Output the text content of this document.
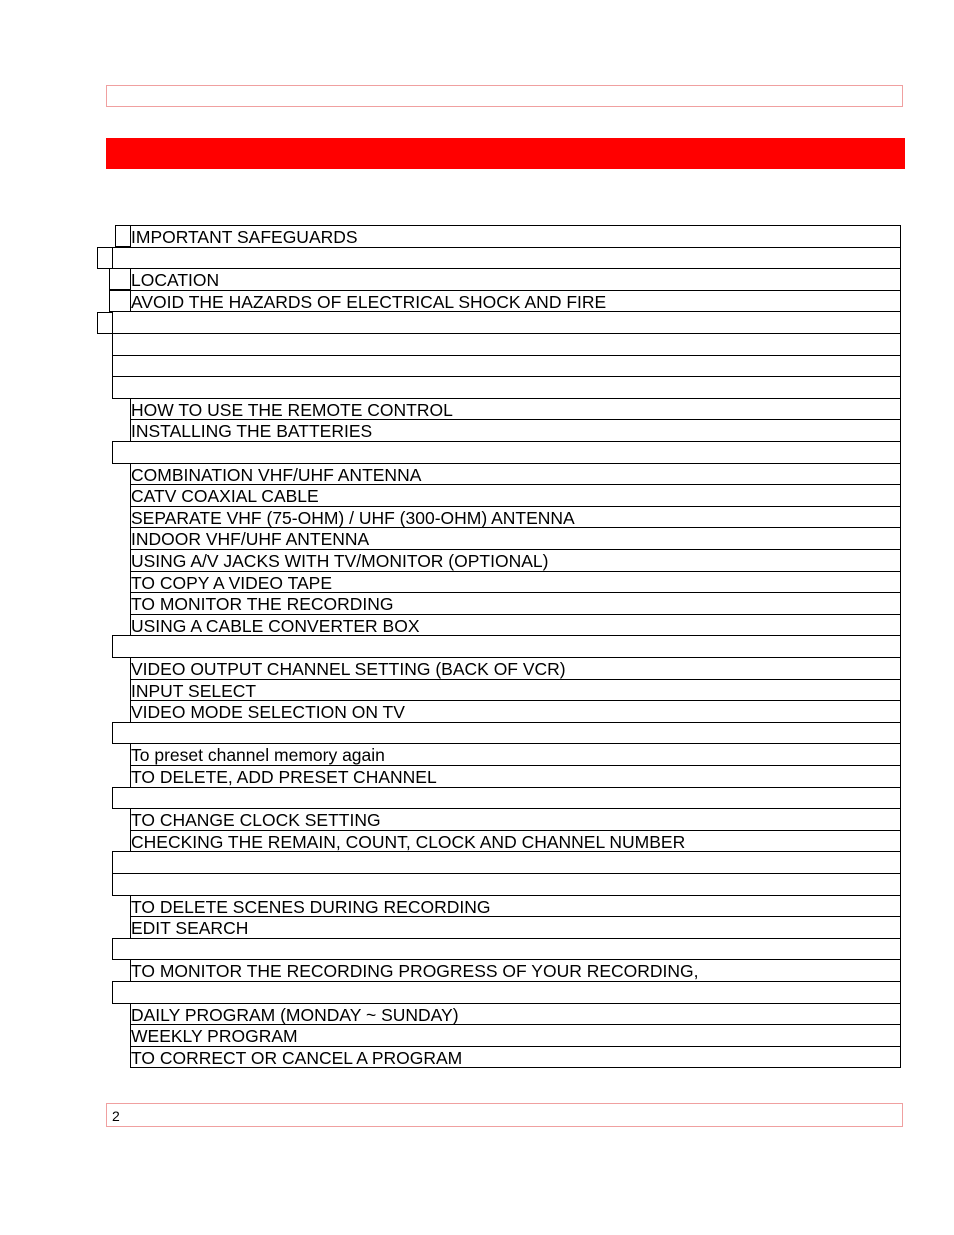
IMPORTANT SAFEGUARDS
LOCATION
AVOID THE HAZARDS OF ELECTRICAL SHOCK AND FIRE
HOW TO USE THE REMOTE CONTROL
INSTALLING THE BATTERIES
COMBINATION VHF/UHF ANTENNA
CATV COAXIAL CABLE
SEPARATE VHF (75-OHM) / UHF (300-OHM) ANTENNA
INDOOR VHF/UHF ANTENNA
USING A/V JACKS WITH TV/MONITOR (OPTIONAL)
TO COPY A VIDEO TAPE
TO MONITOR THE RECORDING
USING A CABLE CONVERTER BOX
VIDEO OUTPUT CHANNEL SETTING (BACK OF VCR)
INPUT SELECT
VIDEO MODE SELECTION ON TV
To preset channel memory again
TO DELETE, ADD PRESET CHANNEL
TO CHANGE CLOCK SETTING
CHECKING THE REMAIN, COUNT, CLOCK AND CHANNEL NUMBER
TO DELETE SCENES DURING RECORDING
EDIT SEARCH
TO MONITOR THE RECORDING PROGRESS OF YOUR RECORDING,
DAILY PROGRAM (MONDAY ~ SUNDAY)
WEEKLY PROGRAM
TO CORRECT OR CANCEL A PROGRAM
2
